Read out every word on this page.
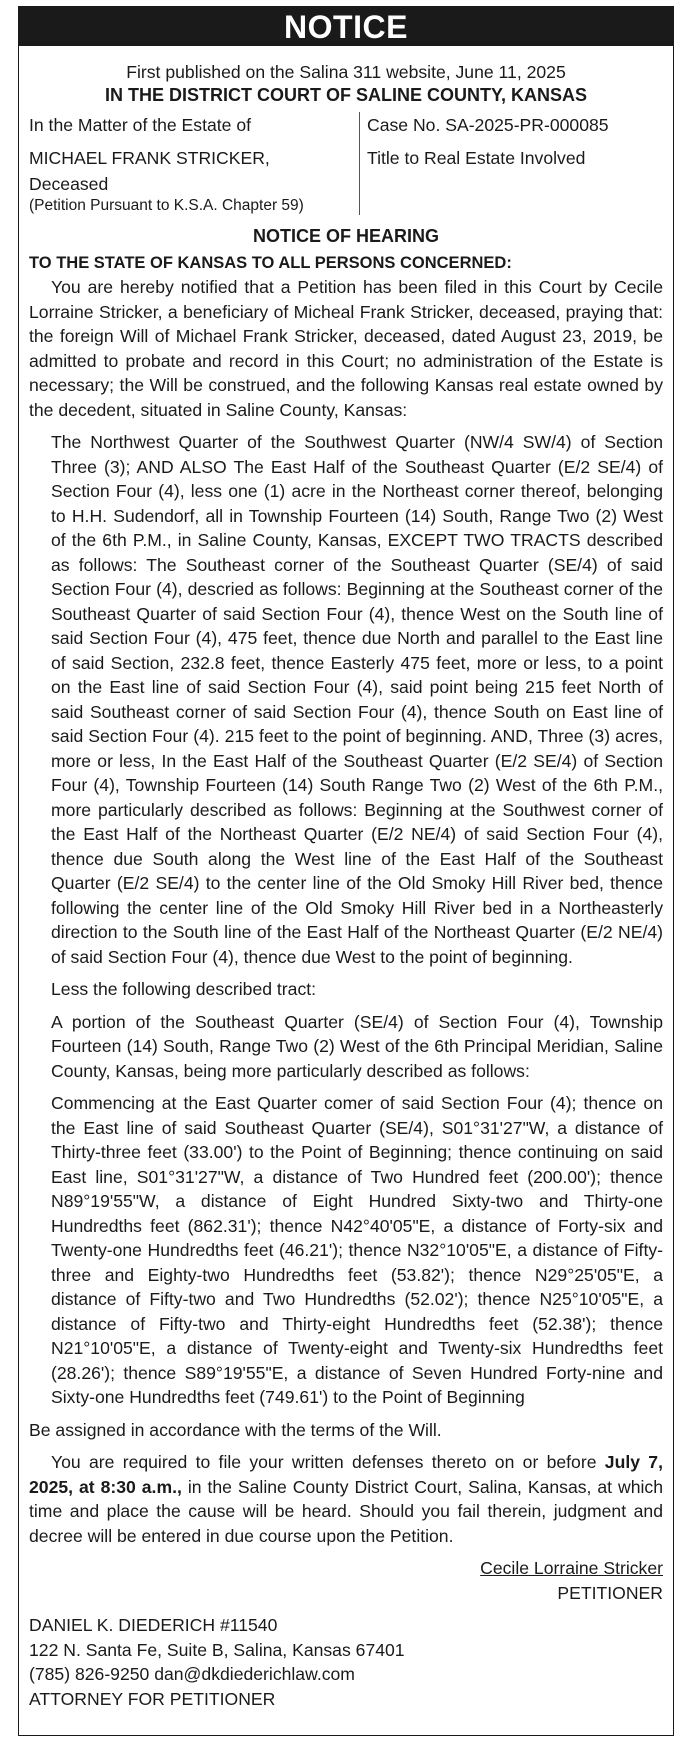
NOTICE
First published on the Salina 311 website, June 11, 2025
IN THE DISTRICT COURT OF SALINE COUNTY, KANSAS
In the Matter of the Estate of
MICHAEL FRANK STRICKER, Deceased
(Petition Pursuant to K.S.A. Chapter 59)
Case No. SA-2025-PR-000085
Title to Real Estate Involved
NOTICE OF HEARING
TO THE STATE OF KANSAS TO ALL PERSONS CONCERNED:

You are hereby notified that a Petition has been filed in this Court by Cecile Lorraine Stricker, a beneficiary of Micheal Frank Stricker, deceased, praying that: the foreign Will of Michael Frank Stricker, deceased, dated August 23, 2019, be admitted to probate and record in this Court; no administration of the Estate is necessary; the Will be construed, and the following Kansas real estate owned by the decedent, situated in Saline County, Kansas:

The Northwest Quarter of the Southwest Quarter (NW/4 SW/4) of Section Three (3); AND ALSO The East Half of the Southeast Quarter (E/2 SE/4) of Section Four (4), less one (1) acre in the Northeast corner thereof, belonging to H.H. Sudendorf, all in Township Fourteen (14) South, Range Two (2) West of the 6th P.M., in Saline County, Kansas, EXCEPT TWO TRACTS described as follows: The Southeast corner of the Southeast Quarter (SE/4) of said Section Four (4), descried as follows: Beginning at the Southeast corner of the Southeast Quarter of said Section Four (4), thence West on the South line of said Section Four (4), 475 feet, thence due North and parallel to the East line of said Section, 232.8 feet, thence Easterly 475 feet, more or less, to a point on the East line of said Section Four (4), said point being 215 feet North of said Southeast corner of said Section Four (4), thence South on East line of said Section Four (4). 215 feet to the point of beginning. AND, Three (3) acres, more or less, In the East Half of the Southeast Quarter (E/2 SE/4) of Section Four (4), Township Fourteen (14) South Range Two (2) West of the 6th P.M., more particularly described as follows: Beginning at the Southwest corner of the East Half of the Northeast Quarter (E/2 NE/4) of said Section Four (4), thence due South along the West line of the East Half of the Southeast Quarter (E/2 SE/4) to the center line of the Old Smoky Hill River bed, thence following the center line of the Old Smoky Hill River bed in a Northeasterly direction to the South line of the East Half of the Northeast Quarter (E/2 NE/4) of said Section Four (4), thence due West to the point of beginning.

Less the following described tract:

A portion of the Southeast Quarter (SE/4) of Section Four (4), Township Fourteen (14) South, Range Two (2) West of the 6th Principal Meridian, Saline County, Kansas, being more particularly described as follows:

Commencing at the East Quarter comer of said Section Four (4); thence on the East line of said Southeast Quarter (SE/4), S01°31'27"W, a distance of Thirty-three feet (33.00') to the Point of Beginning; thence continuing on said East line, S01°31'27"W, a distance of Two Hundred feet (200.00'); thence N89°19'55"W, a distance of Eight Hundred Sixty-two and Thirty-one Hundredths feet (862.31'); thence N42°40'05"E, a distance of Forty-six and Twenty-one Hundredths feet (46.21'); thence N32°10'05"E, a distance of Fifty-three and Eighty-two Hundredths feet (53.82'); thence N29°25'05"E, a distance of Fifty-two and Two Hundredths (52.02'); thence N25°10'05"E, a distance of Fifty-two and Thirty-eight Hundredths feet (52.38'); thence N21°10'05"E, a distance of Twenty-eight and Twenty-six Hundredths feet (28.26'); thence S89°19'55"E, a distance of Seven Hundred Forty-nine and Sixty-one Hundredths feet (749.61') to the Point of Beginning

Be assigned in accordance with the terms of the Will.

You are required to file your written defenses thereto on or before July 7, 2025, at 8:30 a.m., in the Saline County District Court, Salina, Kansas, at which time and place the cause will be heard. Should you fail therein, judgment and decree will be entered in due course upon the Petition.

Cecile Lorraine Stricker
PETITIONER
DANIEL K. DIEDERICH #11540
122 N. Santa Fe, Suite B, Salina, Kansas 67401
(785) 826-9250 dan@dkdiederichlaw.com
ATTORNEY FOR PETITIONER
